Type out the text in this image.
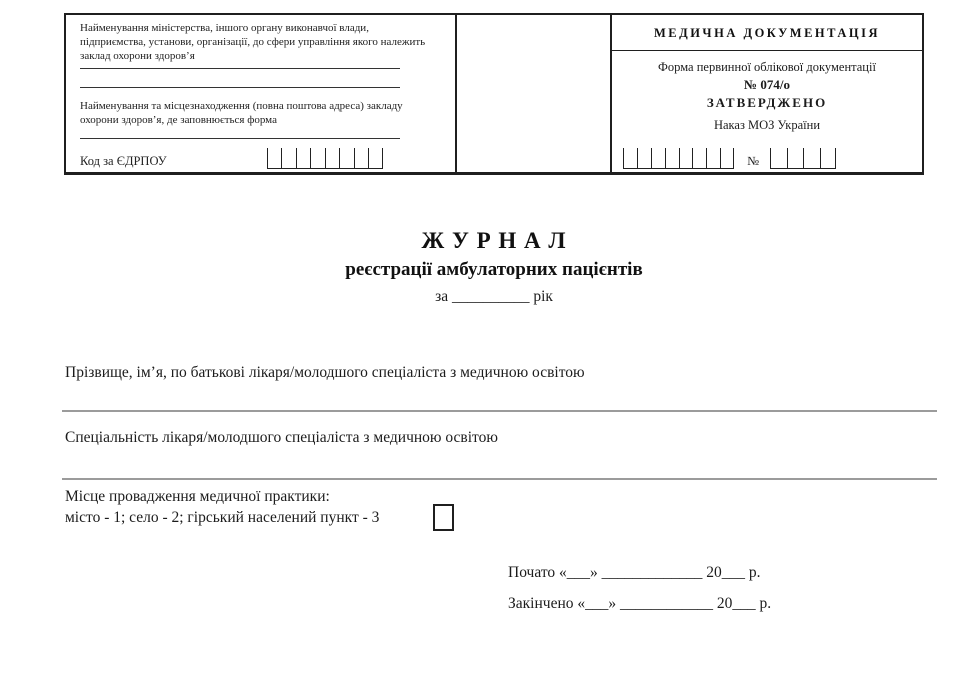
Найменування міністерства, іншого органу виконавчої влади,
підприємства, установи, організації, до сфери управління якого належить
заклад охорони здоров’я
Найменування та місцезнаходження (повна поштова адреса) закладу
охорони здоров’я, де заповнюється форма
Код за ЄДРПОУ
МЕДИЧНА ДОКУМЕНТАЦІЯ
Форма первинної облікової документації
№ 074/о
ЗАТВЕРДЖЕНО
Наказ МОЗ України
№
Ж У Р Н А Л
реєстрації амбулаторних пацієнтів
за __________ рік
Прізвище, ім’я, по батькові лікаря/молодшого спеціаліста з медичною освітою
Спеціальність лікаря/молодшого спеціаліста з медичною освітою
Місце провадження медичної практики:
місто - 1; село - 2; гірський населений пункт - 3
Почато «___» _____________ 20___ р.
Закінчено «___» ____________ 20___ р.
